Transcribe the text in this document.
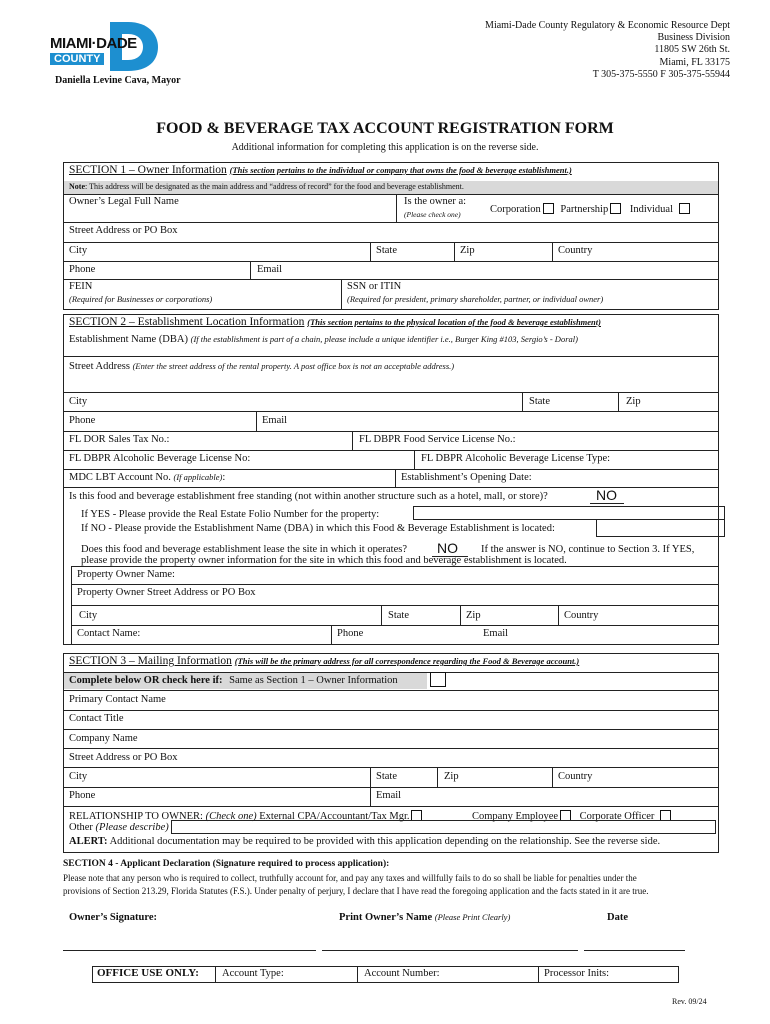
MIAMI·DADE
COUNTY
Daniella Levine Cava, Mayor
Miami-Dade County Regulatory & Economic Resource Dept
Business Division
11805 SW 26th St.
Miami, FL 33175
T 305-375-5550 F 305-375-55944
FOOD & BEVERAGE TAX ACCOUNT REGISTRATION FORM
Additional information for completing this application is on the reverse side.
SECTION 1 – Owner Information (This section pertains to the individual or company that owns the food & beverage establishment.)
Note: This address will be designated as the main address and “address of record” for the food and beverage establishment.
Owner’s Legal Full Name	Is the owner a:
(Please check one)	Corporation Partnership Individual
Street Address or PO Box
City	State	Zip	Country
Phone	Email
FEIN
(Required for Businesses or corporations)
SSN or ITIN
(Required for president, primary shareholder, partner, or individual owner)
SECTION 2 – Establishment Location Information (This section pertains to the physical location of the food & beverage establishment)
Establishment Name (DBA) (If the establishment is part of a chain, please include a unique identifier i.e., Burger King #103, Sergio’s - Doral)
Street Address (Enter the street address of the rental property. A post office box is not an acceptable address.)
City	State	Zip
Phone	Email
FL DOR Sales Tax No.:	FL DBPR Food Service License No.:
FL DBPR Alcoholic Beverage License No:	FL DBPR Alcoholic Beverage License Type:
MDC LBT Account No. (If applicable):	Establishment’s Opening Date:
Is this food and beverage establishment free standing (not within another structure such as a hotel, mall, or store)?	NO
If YES - Please provide the Real Estate Folio Number for the property:
If NO - Please provide the Establishment Name (DBA) in which this Food & Beverage Establishment is located:
Does this food and beverage establishment lease the site in which it operates? NO If the answer is NO, continue to Section 3. If YES,
please provide the property owner information for the site in which this food and beverage establishment is located.
Property Owner Name:
Property Owner Street Address or PO Box
City	State	Zip	Country
Contact Name:	Phone	Email
SECTION 3 – Mailing Information (This will be the primary address for all correspondence regarding the Food & Beverage account.)
Complete below OR check here if: Same as Section 1 – Owner Information
Primary Contact Name
Contact Title
Company Name
Street Address or PO Box
City	State	Zip	Country
Phone	Email
RELATIONSHIP TO OWNER: (Check one) External CPA/Accountant/Tax Mgr.	Company Employee Corporate Officer
Other (Please describe)
ALERT: Additional documentation may be required to be provided with this application depending on the relationship. See the reverse side.
SECTION 4 - Applicant Declaration (Signature required to process application):
Please note that any person who is required to collect, truthfully account for, and pay any taxes and willfully fails to do so shall be liable for penalties under the
provisions of Section 213.29, Florida Statutes (F.S.). Under penalty of perjury, I declare that I have read the foregoing application and the facts stated in it are true.
Owner’s Signature:	Print Owner’s Name (Please Print Clearly)	Date
OFFICE USE ONLY: Account Type:	Account Number:	Processor Inits:
Rev. 09/24
